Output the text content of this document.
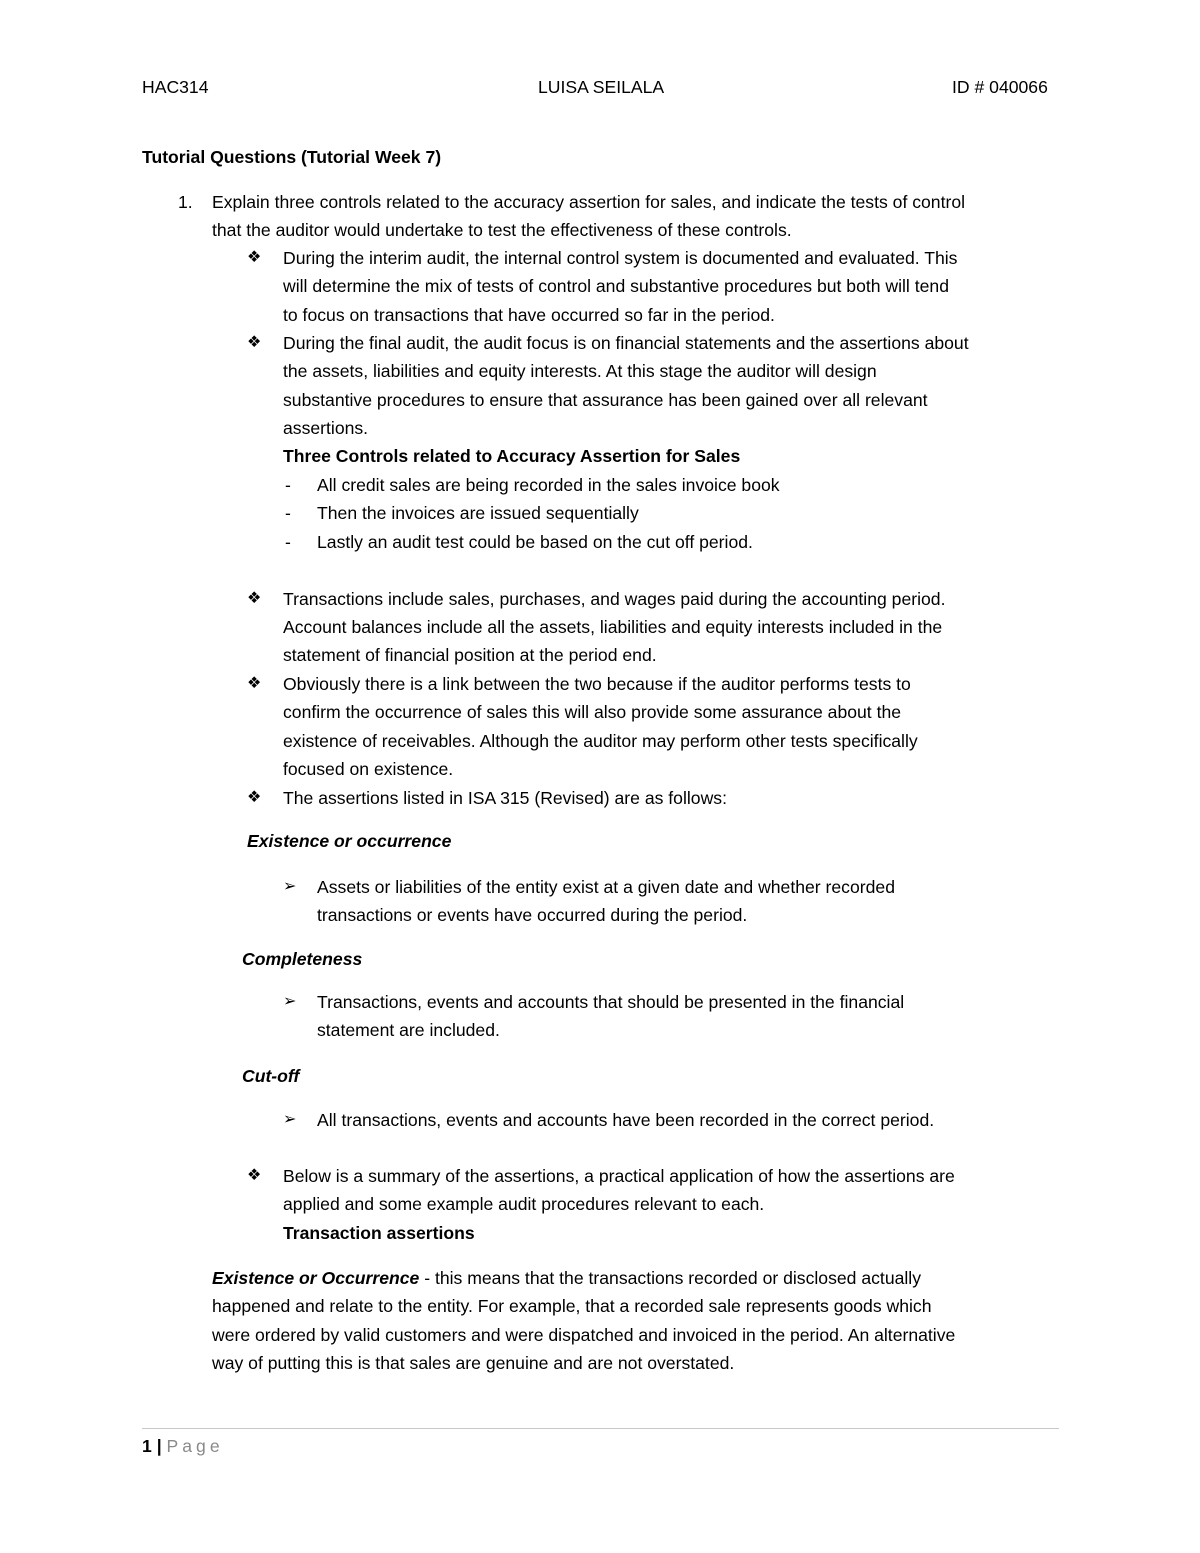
HAC314	LUISA SEILALA	ID # 040066
Tutorial Questions (Tutorial Week 7)
1. Explain three controls related to the accuracy assertion for sales, and indicate the tests of control
that the auditor would undertake to test the effectiveness of these controls.
❖ During the interim audit, the internal control system is documented and evaluated. This
will determine the mix of tests of control and substantive procedures but both will tend
to focus on transactions that have occurred so far in the period.
❖ During the final audit, the audit focus is on financial statements and the assertions about
the assets, liabilities and equity interests. At this stage the auditor will design
substantive procedures to ensure that assurance has been gained over all relevant
assertions.
Three Controls related to Accuracy Assertion for Sales
- All credit sales are being recorded in the sales invoice book
- Then the invoices are issued sequentially
- Lastly an audit test could be based on the cut off period.
❖ Transactions include sales, purchases, and wages paid during the accounting period.
Account balances include all the assets, liabilities and equity interests included in the
statement of financial position at the period end.
❖ Obviously there is a link between the two because if the auditor performs tests to
confirm the occurrence of sales this will also provide some assurance about the
existence of receivables. Although the auditor may perform other tests specifically
focused on existence.
❖ The assertions listed in ISA 315 (Revised) are as follows:
Existence or occurrence
➢ Assets or liabilities of the entity exist at a given date and whether recorded
transactions or events have occurred during the period.
Completeness
➢ Transactions, events and accounts that should be presented in the financial
statement are included.
Cut-off
➢ All transactions, events and accounts have been recorded in the correct period.
❖ Below is a summary of the assertions, a practical application of how the assertions are
applied and some example audit procedures relevant to each.
Transaction assertions
Existence or Occurrence - this means that the transactions recorded or disclosed actually
happened and relate to the entity. For example, that a recorded sale represents goods which
were ordered by valid customers and were dispatched and invoiced in the period. An alternative
way of putting this is that sales are genuine and are not overstated.
1 | Page
